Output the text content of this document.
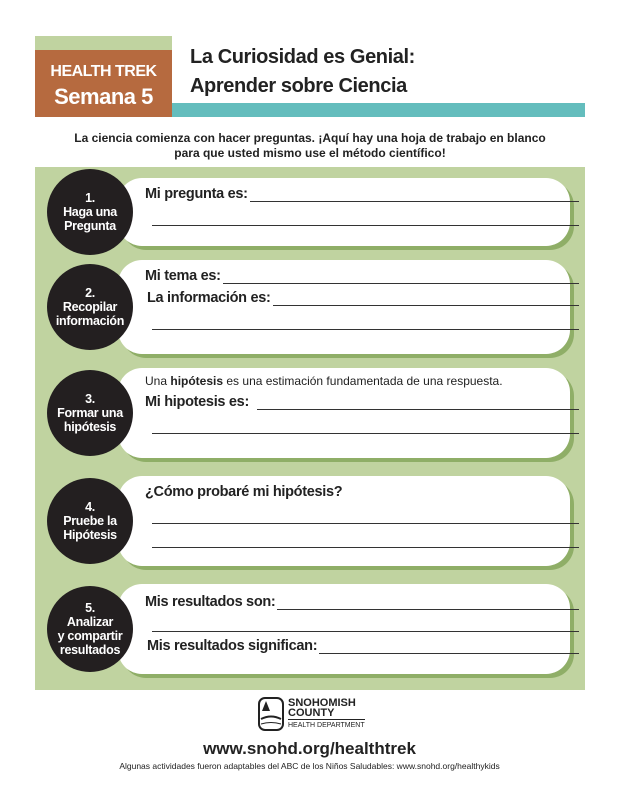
HEALTH TREK
Semana 5
La Curiosidad es Genial:
Aprender sobre Ciencia
La ciencia comienza con hacer preguntas. ¡Aquí hay una hoja de trabajo en blanco para que usted mismo use el método científico!
1.
Haga una
Pregunta
Mi pregunta es:
2.
Recopilar
información
Mi tema es:
La información es:
3.
Formar una
hipótesis
Una hipótesis es una estimación fundamentada de una respuesta.
Mi hipotesis es:
4.
Pruebe la
Hipótesis
¿Cómo probaré mi hipótesis?
5.
Analizar
y compartir
resultados
Mis resultados son:
Mis resultados significan:
SNOHOMISH
COUNTY
HEALTH DEPARTMENT
www.snohd.org/healthtrek
Algunas actividades fueron adaptables del ABC de los Niños Saludables: www.snohd.org/healthykids
